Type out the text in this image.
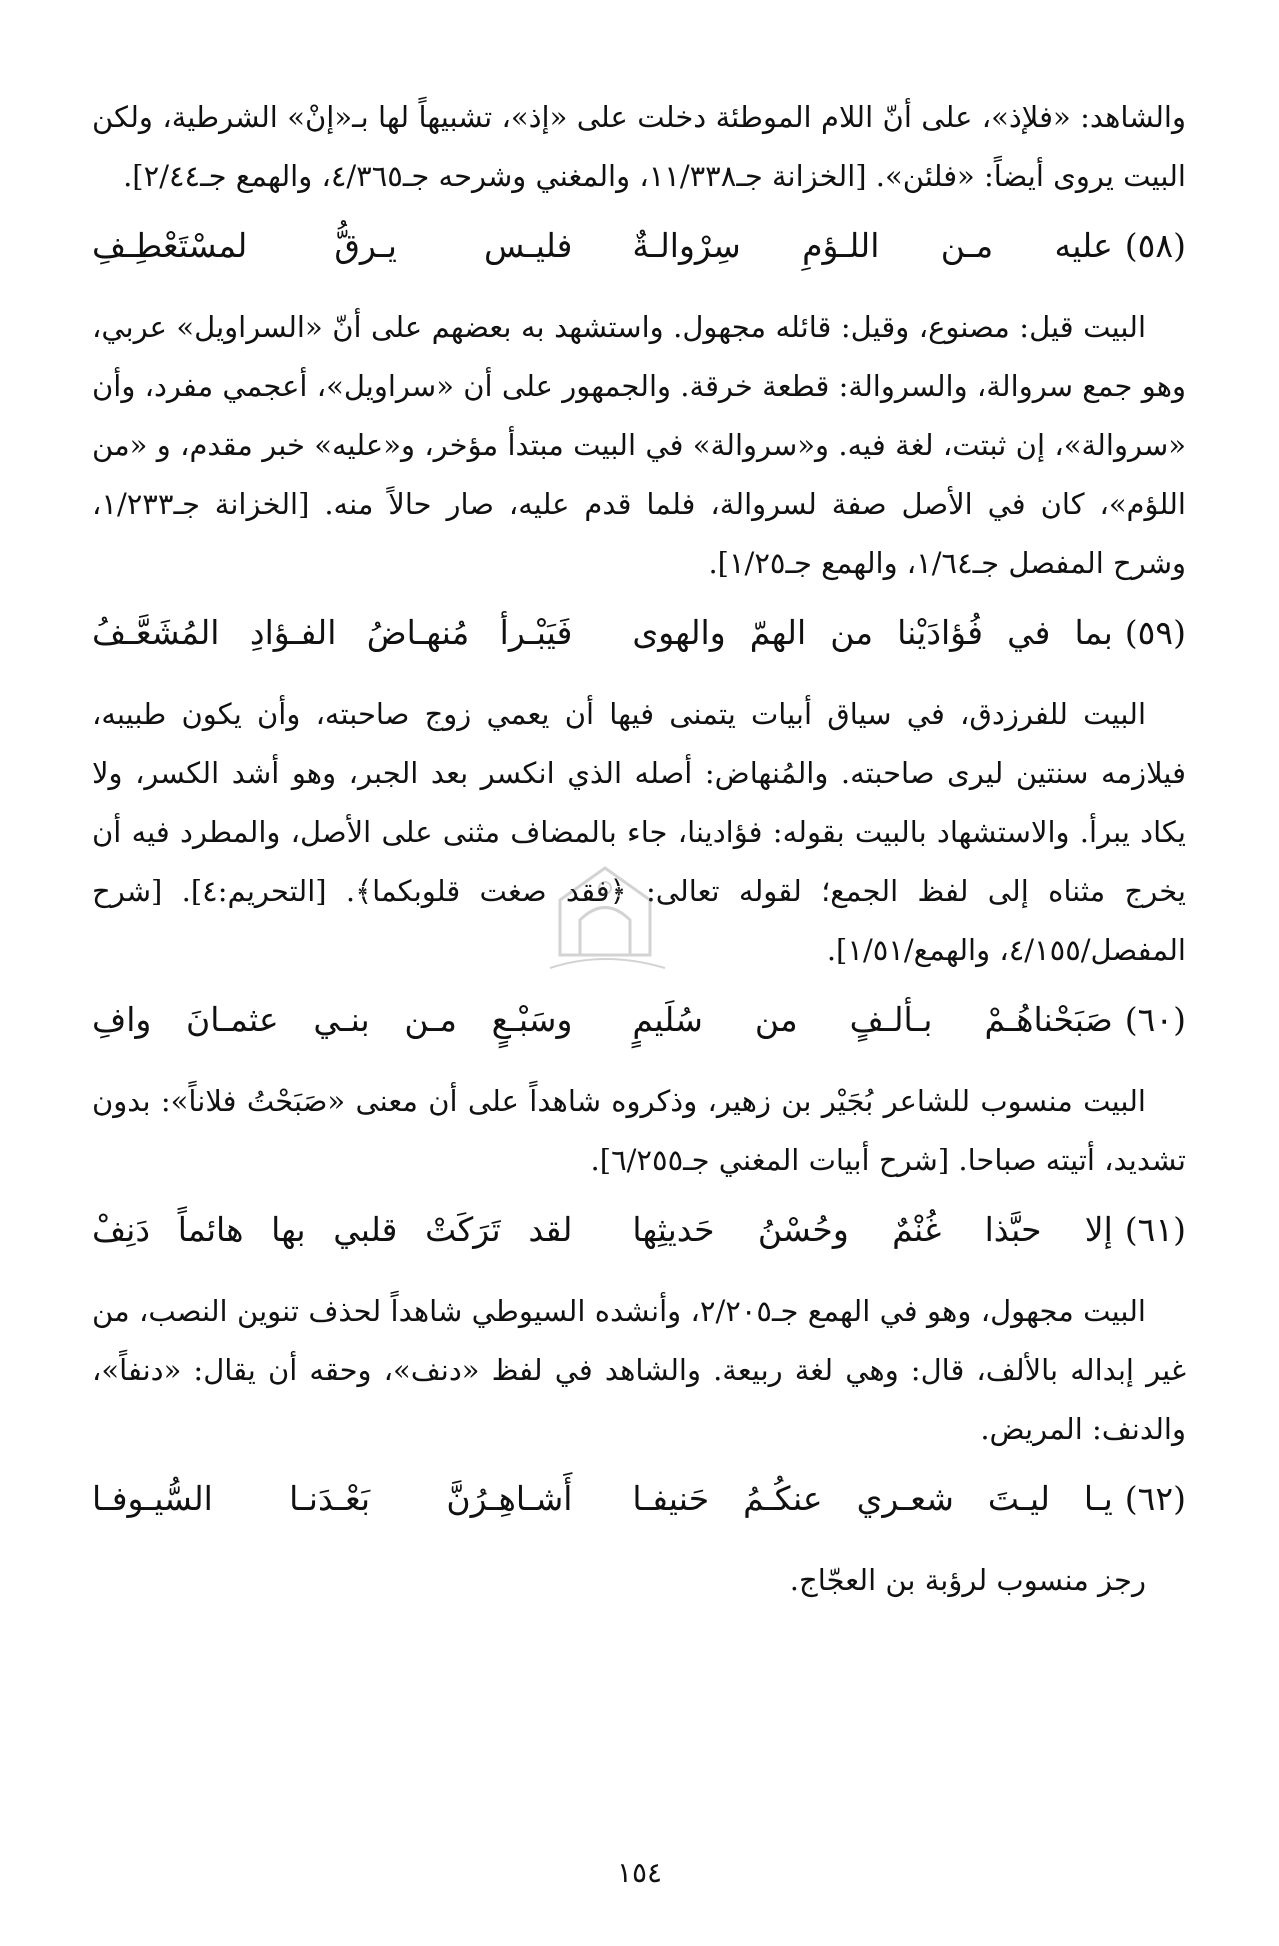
والشاهد: «فلإذ»، على أنّ اللام الموطئة دخلت على «إذ»، تشبيهاً لها بـ«إنْ» الشرطية، ولكن البيت يروى أيضاً: «فلئن». [الخزانة جـ١١/٣٣٨، والمغني وشرحه جـ٤/٣٦٥، والهمع جـ٢/٤٤].

(٥٨)
عليه مـن اللـؤمِ سِرْوالـةٌ
فليـس يـرقُّ لمسْتَعْطِـفِ

البيت قيل: مصنوع، وقيل: قائله مجهول. واستشهد به بعضهم على أنّ «السراويل» عربي، وهو جمع سروالة، والسروالة: قطعة خرقة. والجمهور على أن «سراويل»، أعجمي مفرد، وأن «سروالة»، إن ثبتت، لغة فيه. و«سروالة» في البيت مبتدأ مؤخر، و«عليه» خبر مقدم، و «من اللؤم»، كان في الأصل صفة لسروالة، فلما قدم عليه، صار حالاً منه. [الخزانة جـ١/٢٣٣، وشرح المفصل جـ١/٦٤، والهمع جـ١/٢٥].

(٥٩)
بما في فُؤادَيْنا من الهمّ والهوى
فَيَبْـرأ مُنهـاضُ الفـؤادِ المُشَعَّـفُ

البيت للفرزدق، في سياق أبيات يتمنى فيها أن يعمي زوج صاحبته، وأن يكون طبيبه، فيلازمه سنتين ليرى صاحبته. والمُنهاض: أصله الذي انكسر بعد الجبر، وهو أشد الكسر، ولا يكاد يبرأ. والاستشهاد بالبيت بقوله: فؤادينا، جاء بالمضاف مثنى على الأصل، والمطرد فيه أن يخرج مثناه إلى لفظ الجمع؛ لقوله تعالى: ﴿فقد صغت قلوبكما﴾. [التحريم:٤]. [شرح المفصل/٤/١٥٥، والهمع/١/٥١].

(٦٠)
صَبَحْناهُـمْ بـألـفٍ من سُلَيمٍ
وسَبْـعٍ مـن بنـي عثمـانَ وافِ

البيت منسوب للشاعر بُجَيْر بن زهير، وذكروه شاهداً على أن معنى «صَبَحْتُ فلاناً»: بدون تشديد، أتيته صباحا. [شرح أبيات المغني جـ٦/٢٥٥].

(٦١)
إلا حبَّذا غُنْمٌ وحُسْنُ حَديثِها
لقد تَرَكَتْ قلبي بها هائماً دَنِفْ

البيت مجهول، وهو في الهمع جـ٢/٢٠٥، وأنشده السيوطي شاهداً لحذف تنوين النصب، من غير إبداله بالألف، قال: وهي لغة ربيعة. والشاهد في لفظ «دنف»، وحقه أن يقال: «دنفاً»، والدنف: المريض.

(٦٢)
يـا ليـتَ شعـري عنكُـمُ حَنيفـا
أَشـاهِـرُنَّ بَعْـدَنـا السُّيـوفـا

رجز منسوب لرؤبة بن العجّاج.

١٥٤
